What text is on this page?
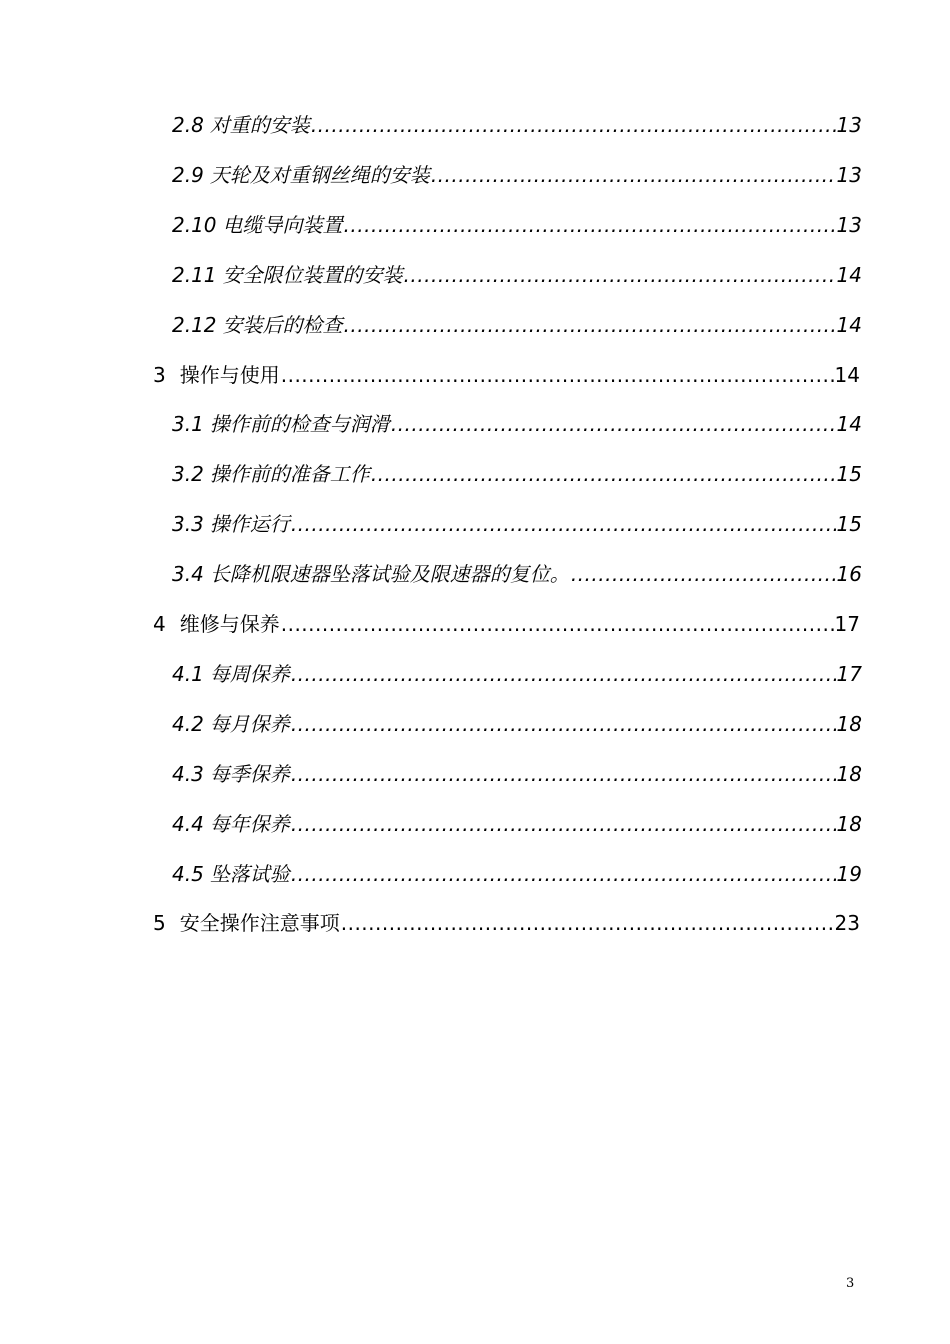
2.8 对重的安装 .....	13
2.9 天轮及对重钢丝绳的安装 .....	13
2.10 电缆导向装置 .....	13
2.11 安全限位装置的安装 .....	14
2.12 安装后的检查 .....	14
3 操作与使用 .....	14
3.1 操作前的检查与润滑 .....	14
3.2 操作前的准备工作 .....	15
3.3 操作运行 .....	15
3.4 长降机限速器坠落试验及限速器的复位。 .....	16
4 维修与保养 .....	17
4.1 每周保养 .....	17
4.2 每月保养 .....	18
4.3 每季保养 .....	18
4.4 每年保养 .....	18
4.5 坠落试验 .....	19
5 安全操作注意事项 .....	23
3
